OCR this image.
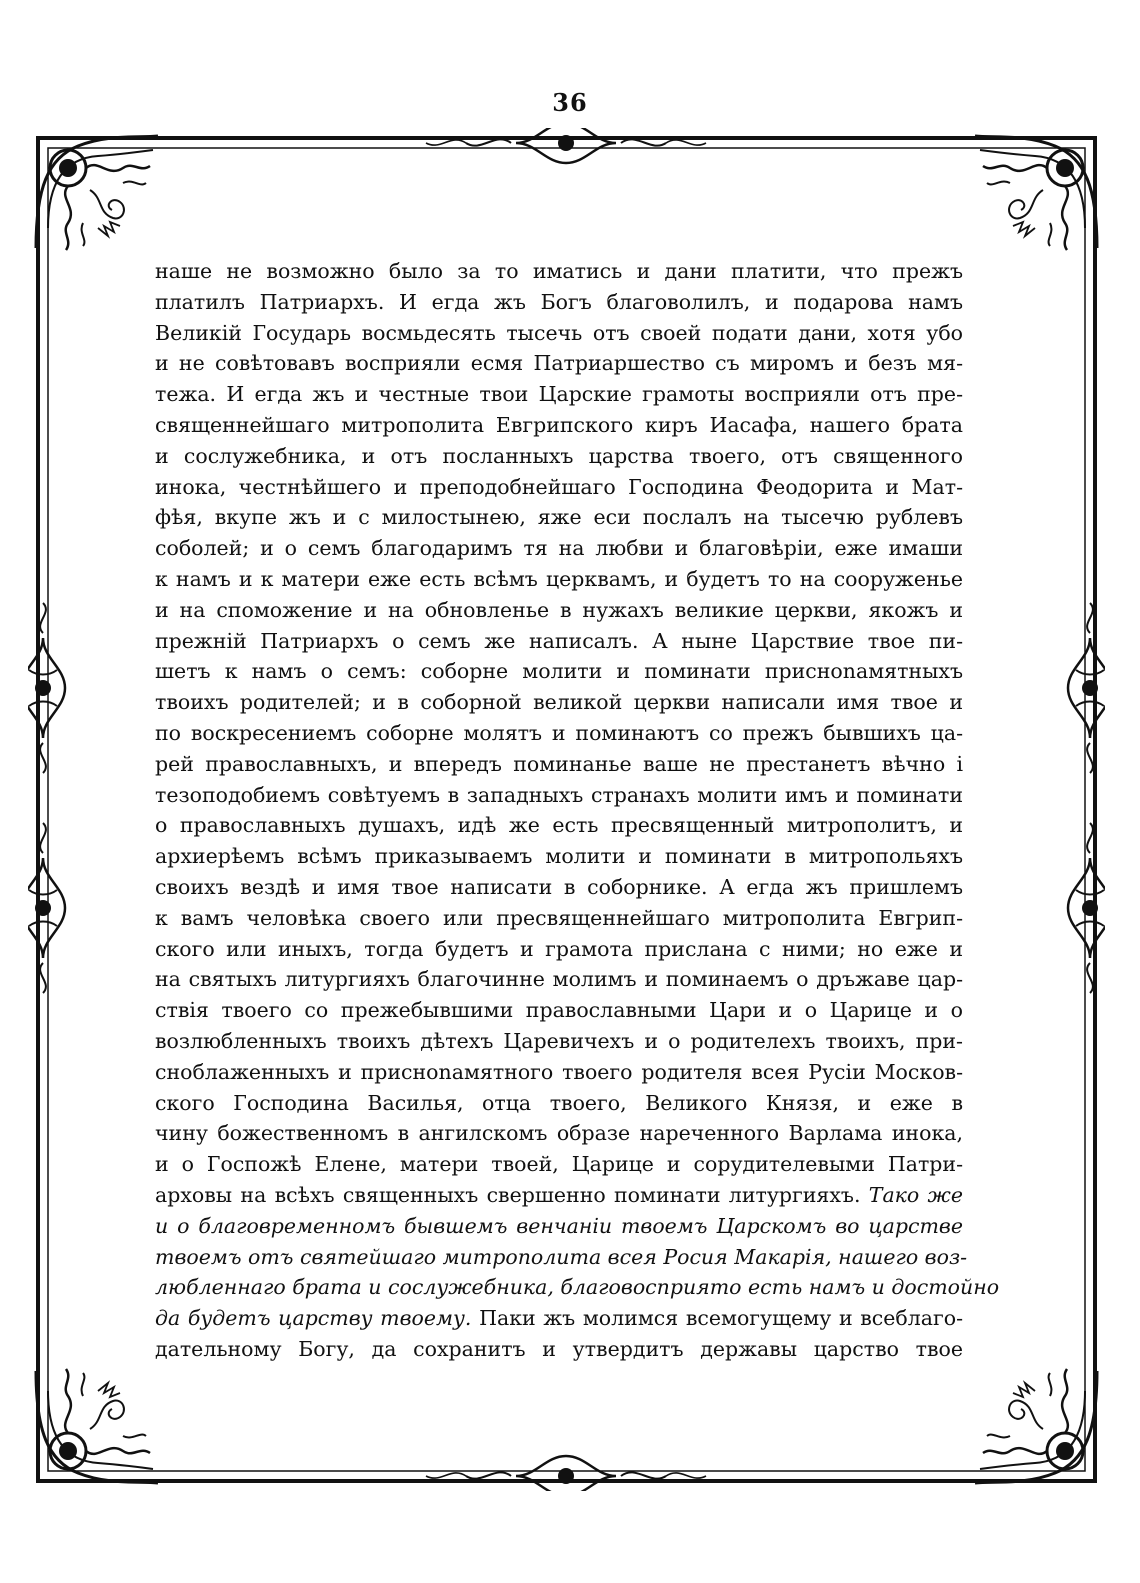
36
наше не возможно было за то иматись и дани платити, что прежъ
платилъ Патриархъ. И егда жъ Богъ благоволилъ, и подарова намъ
Великій Государь восмьдесять тысечь отъ своей подати дани, хотя убо
и не совѣтовавъ восприяли есмя Патриаршество съ миромъ и безъ мя-
тежа. И егда жъ и честные твои Царские грамоты восприяли отъ пре-
священнейшаго митрополита Евгрипского киръ Иасафа, нашего брата
и сослужебника, и отъ посланныхъ царства твоего, отъ священного
инока, честнѣйшего и преподобнейшаго Господина Феодорита и Мат-
фѣя, вкупе жъ и с милостынею, яже еси послалъ на тысечю рублевъ
соболей; и о семъ благодаримъ тя на любви и благовѣріи, еже имаши
к намъ и к матери еже есть всѣмъ церквамъ, и будетъ то на сооруженье
и на споможение и на обновленье в нужахъ великие церкви, якожъ и
прежнiй Патриархъ о семъ же написалъ. А ныне Царствие твое пи-
шетъ к намъ о семъ: соборне молити и поминати присноnамятныхъ
твоихъ родителей; и в соборной великой церкви написали имя твое и
по воскресениемъ соборне молятъ и поминаютъ со прежъ бывшихъ ца-
рей православныхъ, и впередъ поминанье ваше не престанетъ вѣчно і
тезоподобиемъ совѣтуемъ в западныхъ странахъ молити имъ и поминати
о православныхъ душахъ, идѣ же есть пресвященный митрополитъ, и
архиерѣемъ всѣмъ приказываемъ молити и поминати в митропольяхъ
своихъ вездѣ и имя твое написати в соборнике. А егда жъ пришлемъ
к вамъ человѣка своего или пресвященнейшаго митрополита Евгрип-
ского или иныхъ, тогда будетъ и грамота прислана с ними; но еже и
на святыхъ литургияхъ благочинне молимъ и поминаемъ о дръжаве цар-
ствія твоего со прежебывшими православными Цари и о Царице и о
возлюбленныхъ твоихъ дѣтехъ Царевичехъ и о родителехъ твоихъ, при-
снoблаженныхъ и присноnамятного твоего родителя всея Русіи Москов-
ского Господина Василья, отца твоего, Великого Князя, и еже в
чину божественномъ в ангилскомъ образе нареченного Варлама инока,
и о Госпожѣ Елене, матери твоей, Царице и сорудителевыми Патри-
арховы на всѣхъ священныхъ свершенно поминати литургияхъ. Тако же
и о благовременномъ бывшемъ венчаніи твоемъ Царскомъ во царстве
твоемъ отъ святейшаго митрополита всея Росия Макарія, нашего воз-
любленнаго брата и сослужебника, благовосприято есть намъ и достойно
да будетъ царству твоему. Паки жъ молимся всемогущему и всеблаго-
дательному Богу, да сохранитъ и утвердитъ державы царство твое
